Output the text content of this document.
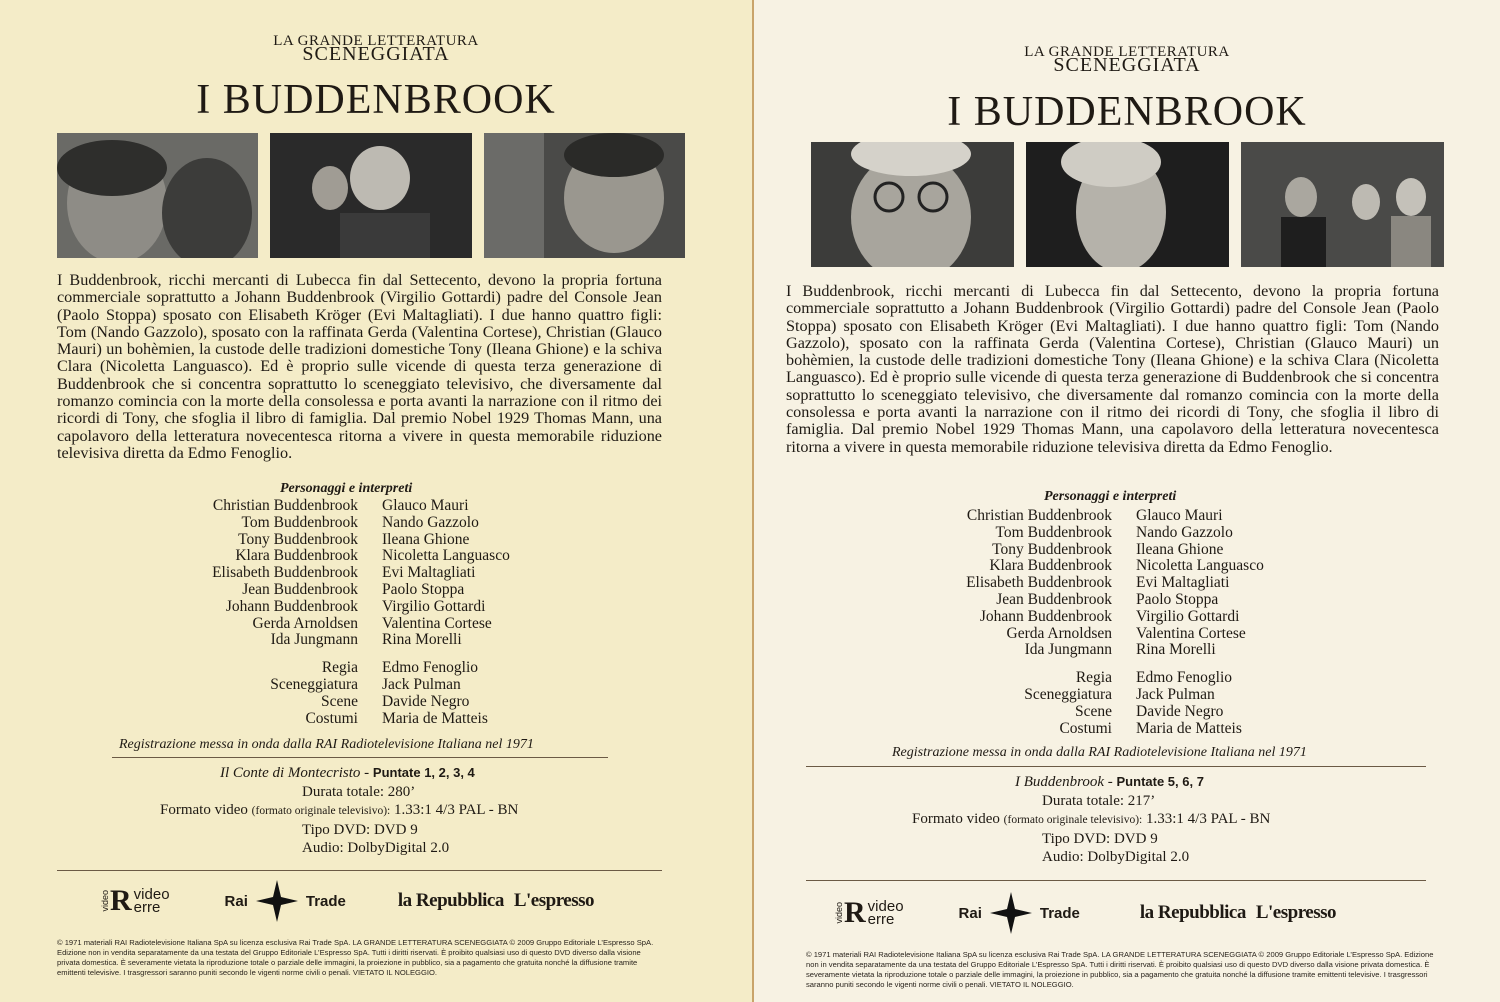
LA GRANDE LETTERATURA
SCENEGGIATA
I BUDDENBROOK
I Buddenbrook, ricchi mercanti di Lubecca fin dal Settecento, devono la propria fortuna commerciale soprattutto a Johann Buddenbrook (Virgilio Gottardi) padre del Console Jean (Paolo Stoppa) sposato con Elisabeth Kröger (Evi Maltagliati). I due hanno quattro figli: Tom (Nando Gazzolo), sposato con la raffinata Gerda (Valentina Cortese), Christian (Glauco Mauri) un bohèmien, la custode delle tradizioni domestiche Tony (Ileana Ghione) e la schiva Clara (Nicoletta Languasco). Ed è proprio sulle vicende di questa terza generazione di Buddenbrook che si concentra soprattutto lo sceneggiato televisivo, che diversamente dal romanzo comincia con la morte della consolessa e porta avanti la narrazione con il ritmo dei ricordi di Tony, che sfoglia il libro di famiglia. Dal premio Nobel 1929 Thomas Mann, una capolavoro della letteratura novecentesca ritorna a vivere in questa memorabile riduzione televisiva diretta da Edmo Fenoglio.
Personaggi e interpreti
Christian Buddenbrook	Glauco Mauri
Tom Buddenbrook	Nando Gazzolo
Tony Buddenbrook	Ileana Ghione
Klara Buddenbrook	Nicoletta Languasco
Elisabeth Buddenbrook	Evi Maltagliati
Jean Buddenbrook	Paolo Stoppa
Johann Buddenbrook	Virgilio Gottardi
Gerda Arnoldsen	Valentina Cortese
Ida Jungmann	Rina Morelli
Regia	Edmo Fenoglio
Sceneggiatura	Jack Pulman
Scene	Davide Negro
Costumi	Maria de Matteis
Registrazione messa in onda dalla RAI Radiotelevisione Italiana nel 1971
Il Conte di Montecristo - Puntate 1, 2, 3, 4
Durata totale: 280’
Formato video (formato originale televisivo): 1.33:1 4/3 PAL - BN
Tipo DVD: DVD 9
Audio: DolbyDigital 2.0
video R video
erre	Rai	Trade	la Repubblica L'espresso
© 1971 materiali RAI Radiotelevisione Italiana SpA su licenza esclusiva Rai Trade SpA. LA GRANDE LETTERATURA SCENEGGIATA © 2009 Gruppo Editoriale L’Espresso SpA. Edizione non in vendita separatamente da una testata del Gruppo Editoriale L’Espresso SpA. Tutti i diritti riservati. È proibito qualsiasi uso di questo DVD diverso dalla visione privata domestica. È severamente vietata la riproduzione totale o parziale delle immagini, la proiezione in pubblico, sia a pagamento che gratuita nonché la diffusione tramite emittenti televisive. I trasgressori saranno puniti secondo le vigenti norme civili o penali. VIETATO IL NOLEGGIO.
LA GRANDE LETTERATURA
SCENEGGIATA
I BUDDENBROOK
I Buddenbrook, ricchi mercanti di Lubecca fin dal Settecento, devono la propria fortuna commerciale soprattutto a Johann Buddenbrook (Virgilio Gottardi) padre del Console Jean (Paolo Stoppa) sposato con Elisabeth Kröger (Evi Maltagliati). I due hanno quattro figli: Tom (Nando Gazzolo), sposato con la raffinata Gerda (Valentina Cortese), Christian (Glauco Mauri) un bohèmien, la custode delle tradizioni domestiche Tony (Ileana Ghione) e la schiva Clara (Nicoletta Languasco). Ed è proprio sulle vicende di questa terza generazione di Buddenbrook che si concentra soprattutto lo sceneggiato televisivo, che diversamente dal romanzo comincia con la morte della consolessa e porta avanti la narrazione con il ritmo dei ricordi di Tony, che sfoglia il libro di famiglia. Dal premio Nobel 1929 Thomas Mann, una capolavoro della letteratura novecentesca ritorna a vivere in questa memorabile riduzione televisiva diretta da Edmo Fenoglio.
Personaggi e interpreti
Christian Buddenbrook	Glauco Mauri
Tom Buddenbrook	Nando Gazzolo
Tony Buddenbrook	Ileana Ghione
Klara Buddenbrook	Nicoletta Languasco
Elisabeth Buddenbrook	Evi Maltagliati
Jean Buddenbrook	Paolo Stoppa
Johann Buddenbrook	Virgilio Gottardi
Gerda Arnoldsen	Valentina Cortese
Ida Jungmann	Rina Morelli
Regia	Edmo Fenoglio
Sceneggiatura	Jack Pulman
Scene	Davide Negro
Costumi	Maria de Matteis
Registrazione messa in onda dalla RAI Radiotelevisione Italiana nel 1971
I Buddenbrook - Puntate 5, 6, 7
Durata totale: 217’
Formato video (formato originale televisivo): 1.33:1 4/3 PAL - BN
Tipo DVD: DVD 9
Audio: DolbyDigital 2.0
video R video
erre	Rai	Trade	la Repubblica L'espresso
© 1971 materiali RAI Radiotelevisione Italiana SpA su licenza esclusiva Rai Trade SpA. LA GRANDE LETTERATURA SCENEGGIATA © 2009 Gruppo Editoriale L’Espresso SpA. Edizione non in vendita separatamente da una testata del Gruppo Editoriale L’Espresso SpA. Tutti i diritti riservati. È proibito qualsiasi uso di questo DVD diverso dalla visione privata domestica. È severamente vietata la riproduzione totale o parziale delle immagini, la proiezione in pubblico, sia a pagamento che gratuita nonché la diffusione tramite emittenti televisive. I trasgressori saranno puniti secondo le vigenti norme civili o penali. VIETATO IL NOLEGGIO.
